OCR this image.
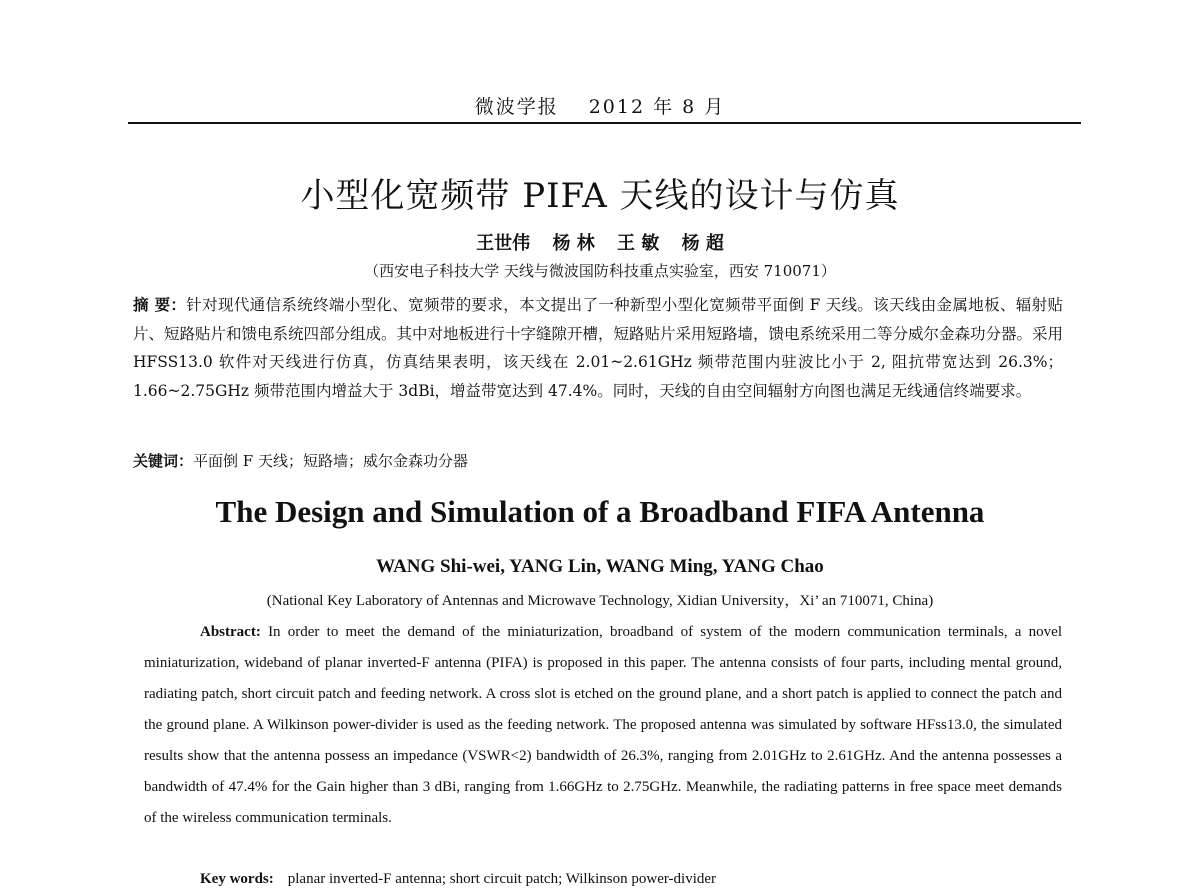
微波学报 2012 年 8 月
小型化宽频带 PIFA 天线的设计与仿真
王世伟 杨 林 王 敏 杨 超
（西安电子科技大学 天线与微波国防科技重点实验室，西安 710071）
摘 要：针对现代通信系统终端小型化、宽频带的要求，本文提出了一种新型小型化宽频带平面倒 F 天线。该天线由金属地板、辐射贴片、短路贴片和馈电系统四部分组成。其中对地板进行十字缝隙开槽，短路贴片采用短路墙，馈电系统采用二等分威尔金森功分器。采用 HFSS13.0 软件对天线进行仿真，仿真结果表明，该天线在 2.01~2.61GHz 频带范围内驻波比小于 2, 阻抗带宽达到 26.3%；1.66~2.75GHz 频带范围内增益大于 3dBi，增益带宽达到 47.4%。同时，天线的自由空间辐射方向图也满足无线通信终端要求。
关键词：平面倒 F 天线；短路墙；威尔金森功分器
The Design and Simulation of a Broadband FIFA Antenna
WANG Shi-wei, YANG Lin, WANG Ming, YANG Chao
(National Key Laboratory of Antennas and Microwave Technology, Xidian University，Xi’ an 710071, China)
Abstract: In order to meet the demand of the miniaturization, broadband of system of the modern communication terminals, a novel miniaturization, wideband of planar inverted-F antenna (PIFA) is proposed in this paper. The antenna consists of four parts, including mental ground, radiating patch, short circuit patch and feeding network. A cross slot is etched on the ground plane, and a short patch is applied to connect the patch and the ground plane. A Wilkinson power-divider is used as the feeding network. The proposed antenna was simulated by software HFss13.0, the simulated results show that the antenna possess an impedance (VSWR<2) bandwidth of 26.3%, ranging from 2.01GHz to 2.61GHz. And the antenna possesses a bandwidth of 47.4% for the Gain higher than 3 dBi, ranging from 1.66GHz to 2.75GHz. Meanwhile, the radiating patterns in free space meet demands of the wireless communication terminals.
Key words: planar inverted-F antenna; short circuit patch; Wilkinson power-divider
